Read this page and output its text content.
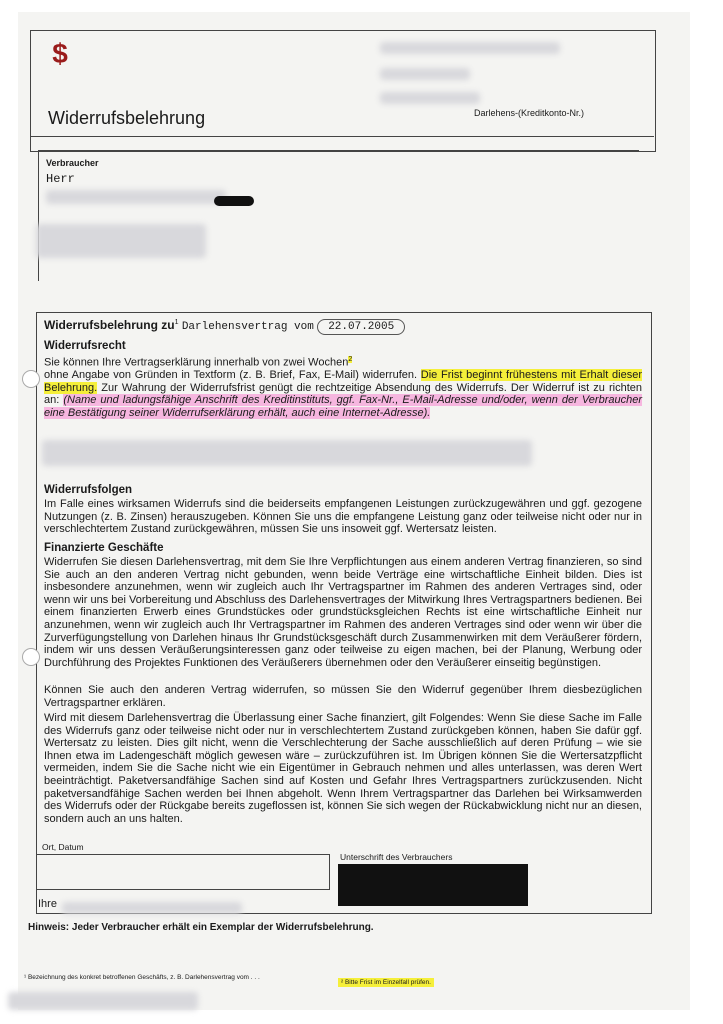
$
Widerrufsbelehrung	Darlehens-(Kreditkonto-Nr.)
Verbraucher
Herr
Widerrufsbelehrung $zu^1$ Darlehensvertrag vom 22.07.2005
Widerrufsrecht
Sie können Ihre Vertragserklärung innerhalb von zwei Wochen$^2$
ohne Angabe von Gründen in Textform (z. B. Brief, Fax, E-Mail) widerrufen. Die Frist beginnt frühestens mit Erhalt dieser Belehrung. Zur Wahrung der Widerrufsfrist genügt die rechtzeitige Absendung des Widerrufs. Der Widerruf ist zu richten an: (Name und ladungsfähige Anschrift des Kreditinstituts, ggf. Fax-Nr., E-Mail-Adresse und/oder, wenn der Verbraucher eine Bestätigung seiner Widerrufserklärung erhält, auch eine Internet-Adresse).
Widerrufsfolgen
Im Falle eines wirksamen Widerrufs sind die beiderseits empfangenen Leistungen zurückzugewähren und ggf. gezogene Nutzungen (z. B. Zinsen) herauszugeben. Können Sie uns die empfangene Leistung ganz oder teilweise nicht oder nur in verschlechtertem Zustand zurückgewähren, müssen Sie uns insoweit ggf. Wertersatz leisten.
Finanzierte Geschäfte
Widerrufen Sie diesen Darlehensvertrag, mit dem Sie Ihre Verpflichtungen aus einem anderen Vertrag finanzieren, so sind Sie auch an den anderen Vertrag nicht gebunden, wenn beide Verträge eine wirtschaftliche Einheit bilden. Dies ist insbesondere anzunehmen, wenn wir zugleich auch Ihr Vertragspartner im Rahmen des anderen Vertrages sind, oder wenn wir uns bei Vorbereitung und Abschluss des Darlehensvertrages der Mitwirkung Ihres Vertragspartners bedienen. Bei einem finanzierten Erwerb eines Grundstückes oder grundstücksgleichen Rechts ist eine wirtschaftliche Einheit nur anzunehmen, wenn wir zugleich auch Ihr Vertragspartner im Rahmen des anderen Vertrages sind oder wenn wir über die Zurverfügungstellung von Darlehen hinaus Ihr Grundstücksgeschäft durch Zusammenwirken mit dem Veräußerer fördern, indem wir uns dessen Veräußerungsinteressen ganz oder teilweise zu eigen machen, bei der Planung, Werbung oder Durchführung des Projektes Funktionen des Veräußerers übernehmen oder den Veräußerer einseitig begünstigen.
Können Sie auch den anderen Vertrag widerrufen, so müssen Sie den Widerruf gegenüber Ihrem diesbezüglichen Vertragspartner erklären.
Wird mit diesem Darlehensvertrag die Überlassung einer Sache finanziert, gilt Folgendes: Wenn Sie diese Sache im Falle des Widerrufs ganz oder teilweise nicht oder nur in verschlechtertem Zustand zurückgeben können, haben Sie dafür ggf. Wertersatz zu leisten. Dies gilt nicht, wenn die Verschlechterung der Sache ausschließlich auf deren Prüfung – wie sie Ihnen etwa im Ladengeschäft möglich gewesen wäre – zurückzuführen ist. Im Übrigen können Sie die Wertersatzpflicht vermeiden, indem Sie die Sache nicht wie ein Eigentümer in Gebrauch nehmen und alles unterlassen, was deren Wert beeinträchtigt. Paketversandfähige Sachen sind auf Kosten und Gefahr Ihres Vertragspartners zurückzusenden. Nicht paketversandfähige Sachen werden bei Ihnen abgeholt. Wenn Ihrem Vertragspartner das Darlehen bei Wirksamwerden des Widerrufs oder der Rückgabe bereits zugeflossen ist, können Sie sich wegen der Rückabwicklung nicht nur an diesen, sondern auch an uns halten.
Ort, Datum
Unterschrift des Verbrauchers
Ihre
Hinweis: Jeder Verbraucher erhält ein Exemplar der Widerrufsbelehrung.
¹ Bezeichnung des konkret betroffenen Geschäfts, z. B. Darlehensvertrag vom . . .
² Bitte Frist im Einzelfall prüfen.
